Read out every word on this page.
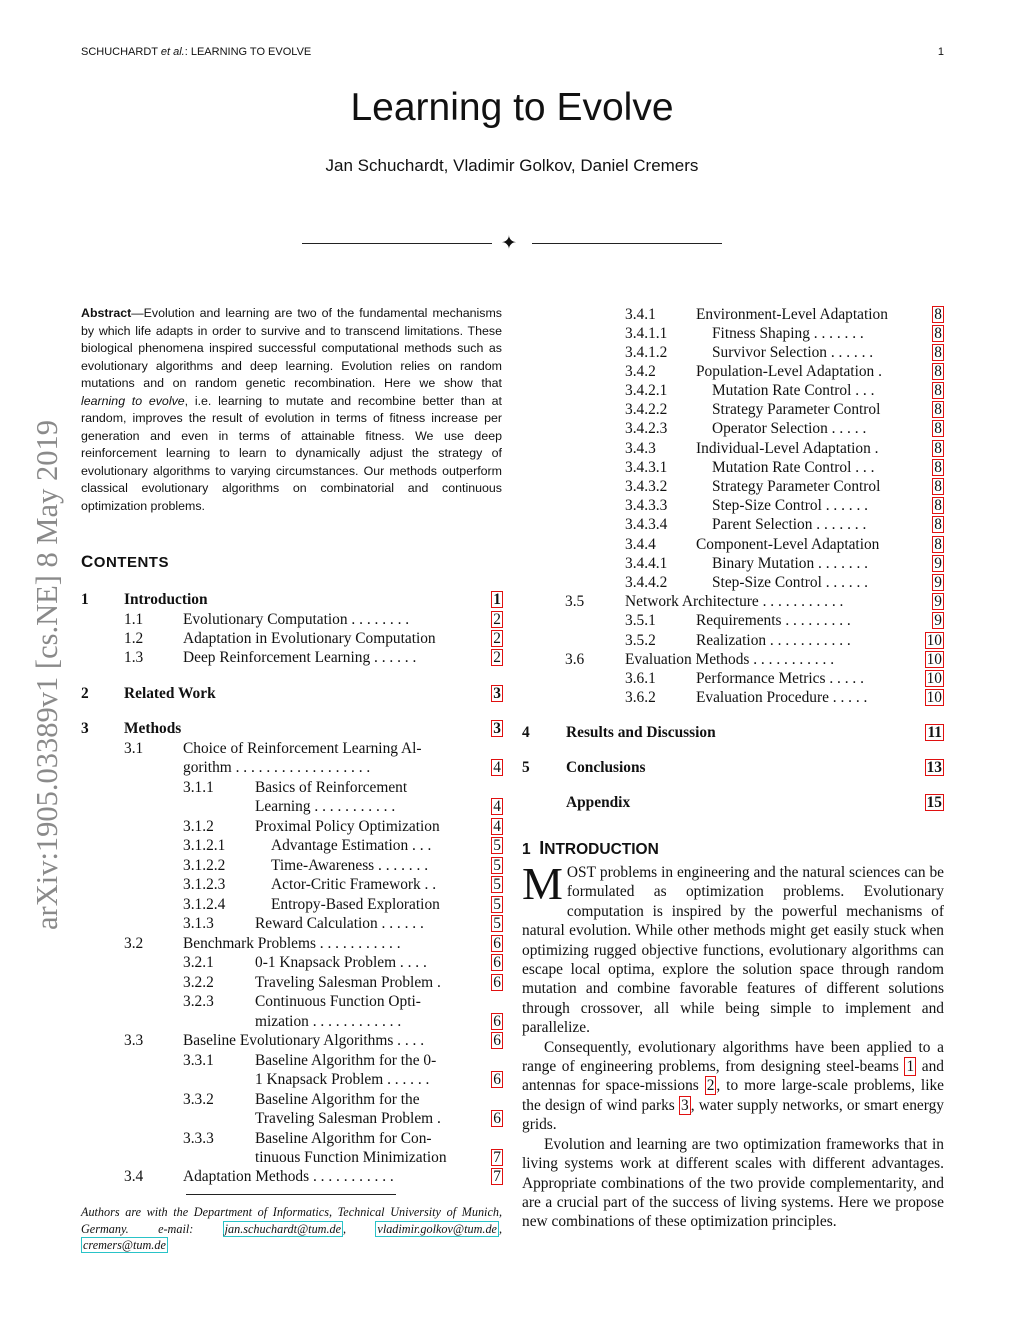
SCHUCHARDT et al.: LEARNING TO EVOLVE	1
Learning to Evolve
Jan Schuchardt, Vladimir Golkov, Daniel Cremers
✦
arXiv:1905.03389v1 [cs.NE] 8 May 2019
Abstract—Evolution and learning are two of the fundamental mechanisms by which life adapts in order to survive and to transcend limitations. These biological phenomena inspired successful computational methods such as evolutionary algorithms and deep learning. Evolution relies on random mutations and on random genetic recombination. Here we show that learning to evolve, i.e. learning to mutate and recombine better than at random, improves the result of evolution in terms of fitness increase per generation and even in terms of attainable fitness. We use deep reinforcement learning to learn to dynamically adjust the strategy of evolutionary algorithms to varying circumstances. Our methods outperform classical evolutionary algorithms on combinatorial and continuous optimization problems.
CONTENTS
1 Introduction	1
1.1	Evolutionary Computation . . . . . . . .	2
1.2	Adaptation in Evolutionary Computation	2
1.3	Deep Reinforcement Learning . . . . . .	2
2 Related Work	3
3 Methods	3
3.1	Choice of Reinforcement Learning Al-
gorithm . . . . . . . . . . . . . . . . . .	4
3.1.1	Basics of Reinforcement
Learning . . . . . . . . . . .	4
3.1.2	Proximal Policy Optimization	4
3.1.2.1	Advantage Estimation . . .	5
3.1.2.2	Time-Awareness . . . . . . .	5
3.1.2.3	Actor-Critic Framework . .	5
3.1.2.4	Entropy-Based Exploration	5
3.1.3	Reward Calculation . . . . . .	5
3.2	Benchmark Problems . . . . . . . . . . .	6
3.2.1	0-1 Knapsack Problem . . . .	6
3.2.2	Traveling Salesman Problem .	6
3.2.3	Continuous Function Opti-
mization . . . . . . . . . . . .	6
3.3	Baseline Evolutionary Algorithms . . . .	6
3.3.1	Baseline Algorithm for the 0-
1 Knapsack Problem . . . . . .	6
3.3.2	Baseline Algorithm for the
Traveling Salesman Problem .	6
3.3.3	Baseline Algorithm for Con-
tinuous Function Minimization	7
3.4	Adaptation Methods . . . . . . . . . . .	7
3.4.1	Environment-Level Adaptation	8
3.4.1.1	Fitness Shaping . . . . . . .	8
3.4.1.2	Survivor Selection . . . . . .	8
3.4.2	Population-Level Adaptation .	8
3.4.2.1	Mutation Rate Control . . .	8
3.4.2.2	Strategy Parameter Control	8
3.4.2.3	Operator Selection . . . . .	8
3.4.3	Individual-Level Adaptation .	8
3.4.3.1	Mutation Rate Control . . .	8
3.4.3.2	Strategy Parameter Control	8
3.4.3.3	Step-Size Control . . . . . .	8
3.4.3.4	Parent Selection . . . . . . .	8
3.4.4	Component-Level Adaptation	8
3.4.4.1	Binary Mutation . . . . . . .	9
3.4.4.2	Step-Size Control . . . . . .	9
3.5	Network Architecture . . . . . . . . . . .	9
3.5.1	Requirements . . . . . . . . .	9
3.5.2	Realization . . . . . . . . . . .	10
3.6	Evaluation Methods . . . . . . . . . . .	10
3.6.1	Performance Metrics . . . . .	10
3.6.2	Evaluation Procedure . . . . .	10
4 Results and Discussion	11
5 Conclusions	13
Appendix	15
Authors are with the Department of Informatics, Technical University of Munich, Germany. e-mail: jan.schuchardt@tum.de , vladimir.golkov@tum.de , cremers@tum.de
1 INTRODUCTION

MOST problems in engineering and the natural sciences can be formulated as optimization problems. Evolutionary computation is inspired by the powerful mechanisms of natural evolution. While other methods might get easily stuck when optimizing rugged objective functions, evolutionary algorithms can escape local optima, explore the solution space through random mutation and combine favorable features of different solutions through crossover, all while being simple to implement and parallelize.

Consequently, evolutionary algorithms have been applied to a range of engineering problems, from designing steel-beams 1 and antennas for space-missions 2 , to more large-scale problems, like the design of wind parks 3 , water supply networks, or smart energy grids.

Evolution and learning are two optimization frameworks that in living systems work at different scales with different advantages. Appropriate combinations of the two provide complementarity, and are a crucial part of the success of living systems. Here we propose new combinations of these optimization principles.
